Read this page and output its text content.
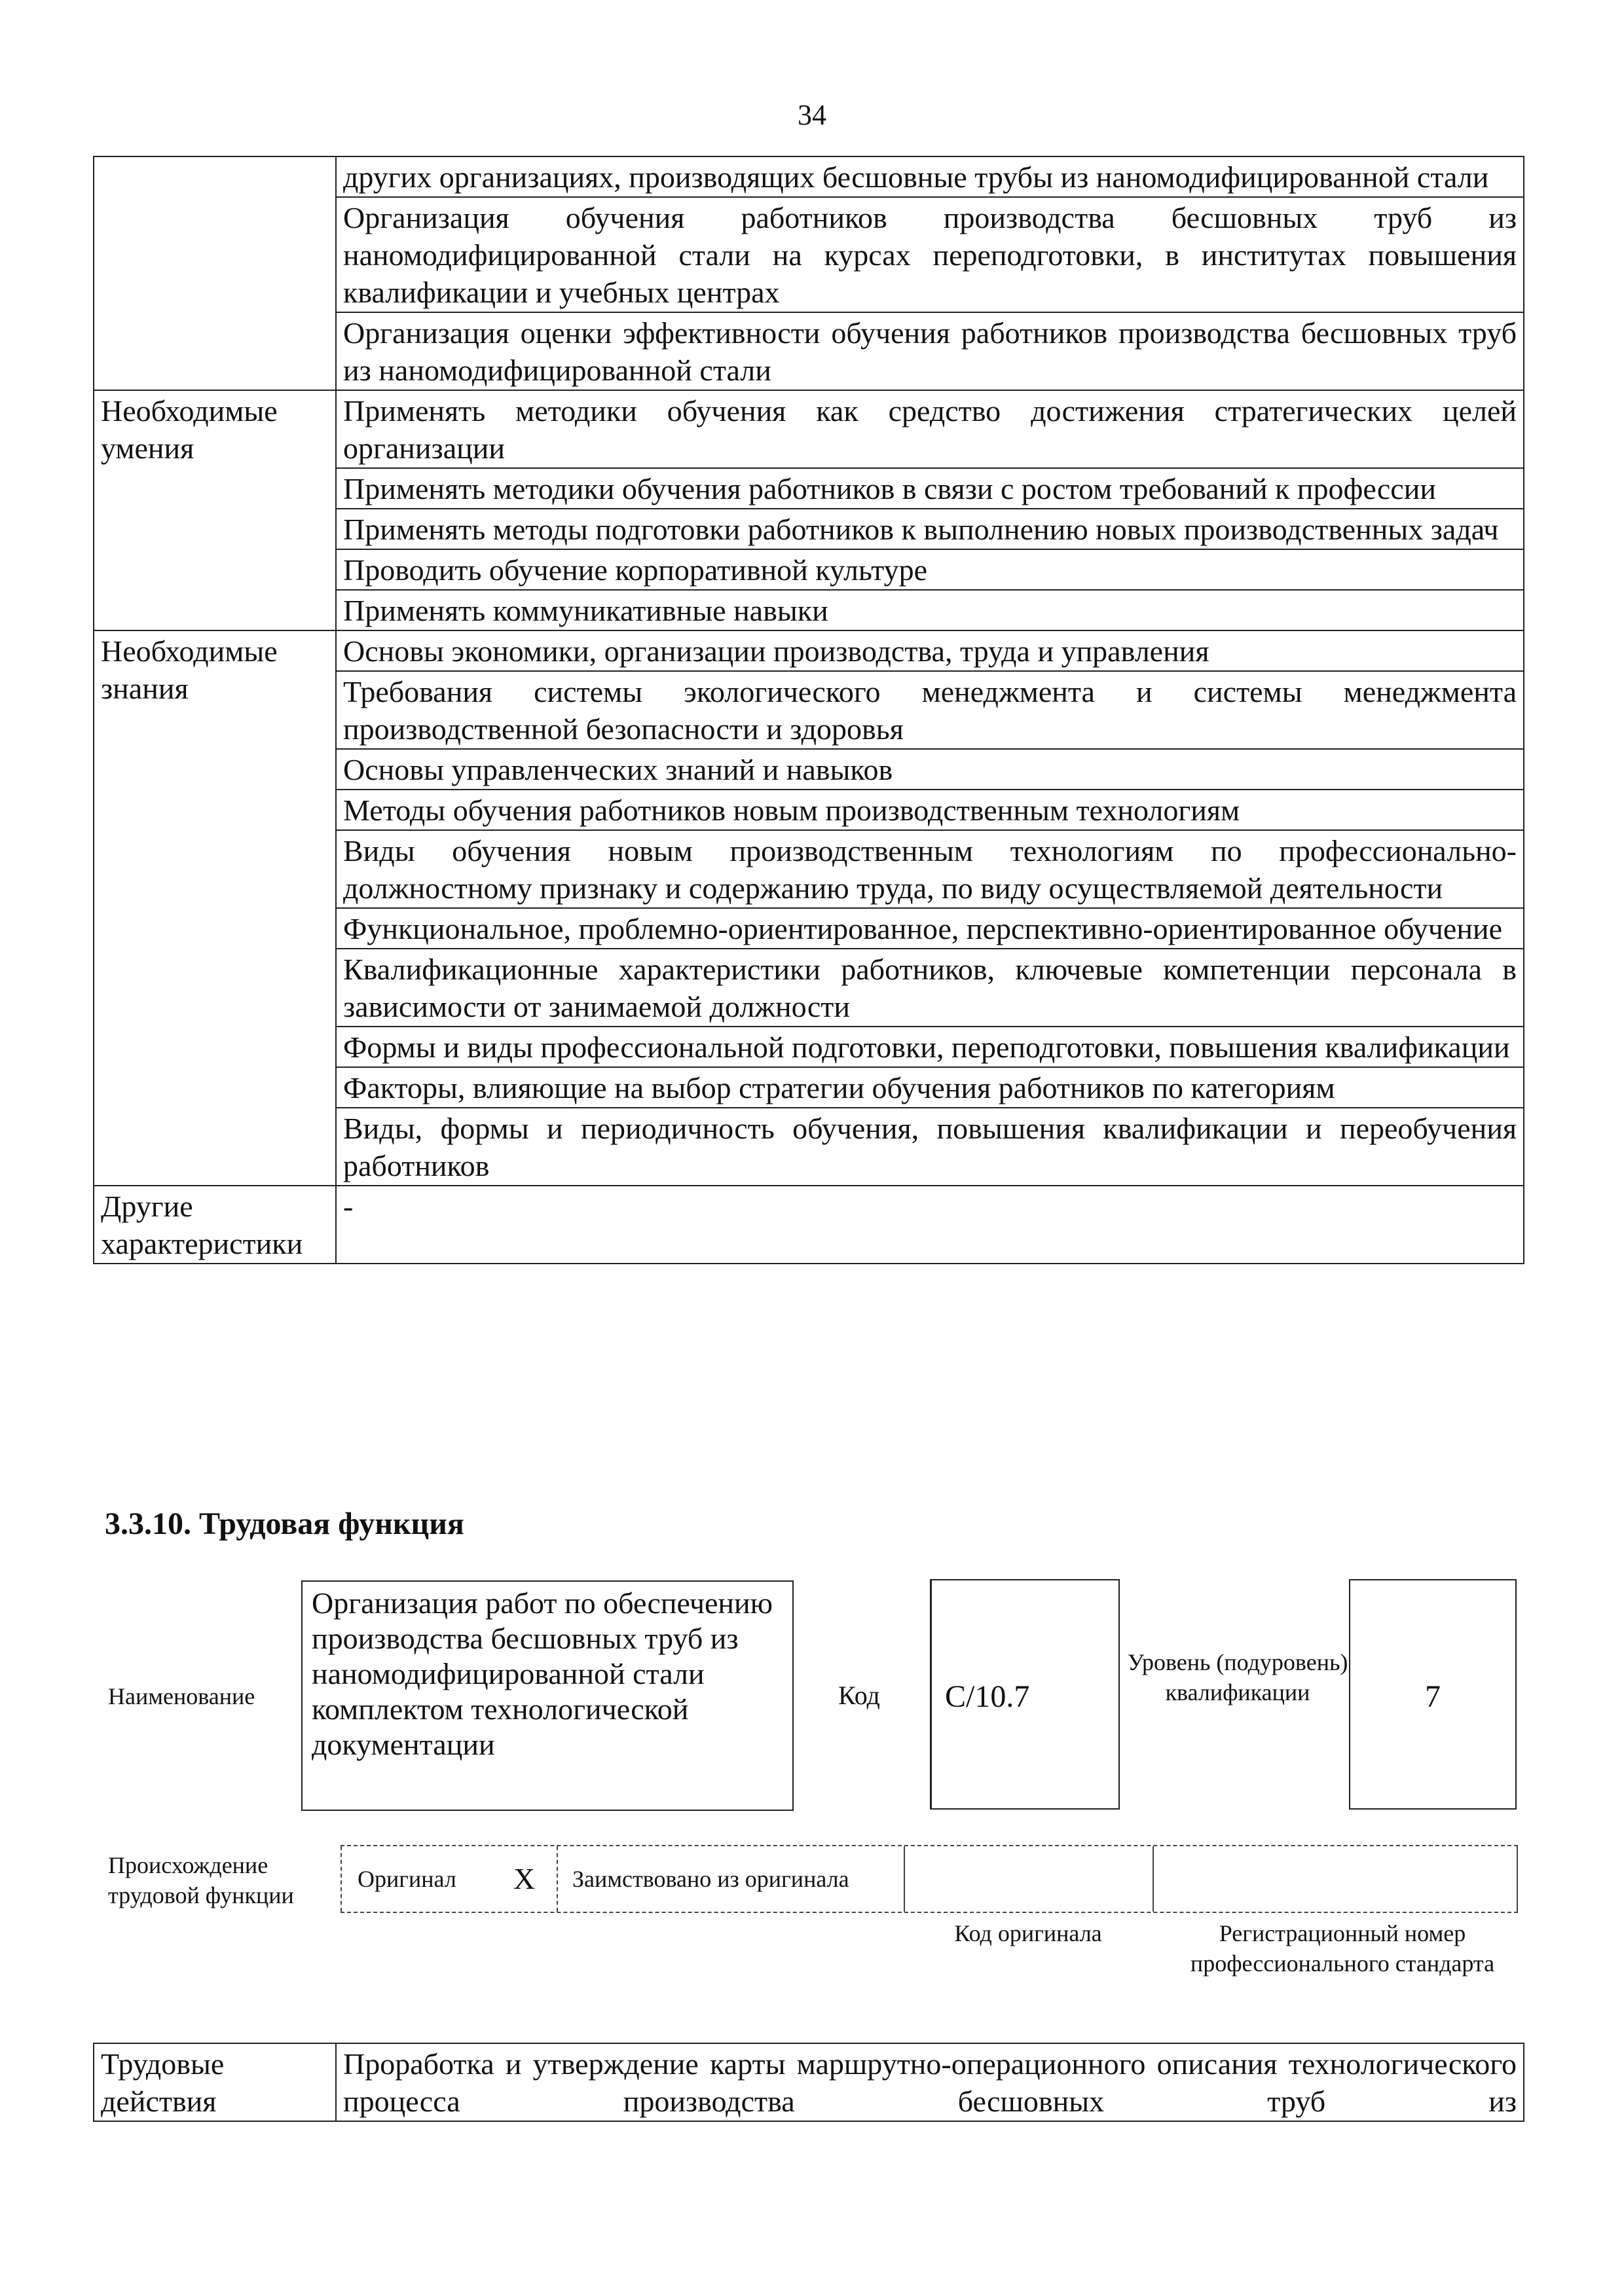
34
	других организациях, производящих бесшовные трубы из наномодифицированной стали
	Организация обучения работников производства бесшовных труб из наномодифицированной стали на курсах переподготовки, в институтах повышения квалификации и учебных центрах
	Организация оценки эффективности обучения работников производства бесшовных труб из наномодифицированной стали
Необходимые умения	Применять методики обучения как средство достижения стратегических целей организации
	Применять методики обучения работников в связи с ростом требований к профессии
	Применять методы подготовки работников к выполнению новых производственных задач
	Проводить обучение корпоративной культуре
	Применять коммуникативные навыки
Необходимые знания	Основы экономики, организации производства, труда и управления
	Требования системы экологического менеджмента и системы менеджмента производственной безопасности и здоровья
	Основы управленческих знаний и навыков
	Методы обучения работников новым производственным технологиям
	Виды обучения новым производственным технологиям по профессионально-должностному признаку и содержанию труда, по виду осуществляемой деятельности
	Функциональное, проблемно-ориентированное, перспективно-ориентированное обучение
	Квалификационные характеристики работников, ключевые компетенции персонала в зависимости от занимаемой должности
	Формы и виды профессиональной подготовки, переподготовки, повышения квалификации
	Факторы, влияющие на выбор стратегии обучения работников по категориям
	Виды, формы и периодичность обучения, повышения квалификации и переобучения работников
Другие характеристики	-
3.3.10. Трудовая функция
Наименование
Организация работ по обеспечению производства бесшовных труб из наномодифицированной стали комплектом технологической документации
Код	C/10.7
Уровень (подуровень) квалификации	7
Происхождение трудовой функции
Оригинал X	Заимствовано из оригинала
Код оригинала	Регистрационный номер профессионального стандарта
Трудовые действия	Проработка и утверждение карты маршрутно-операционного описания технологического процесса производства бесшовных труб из
